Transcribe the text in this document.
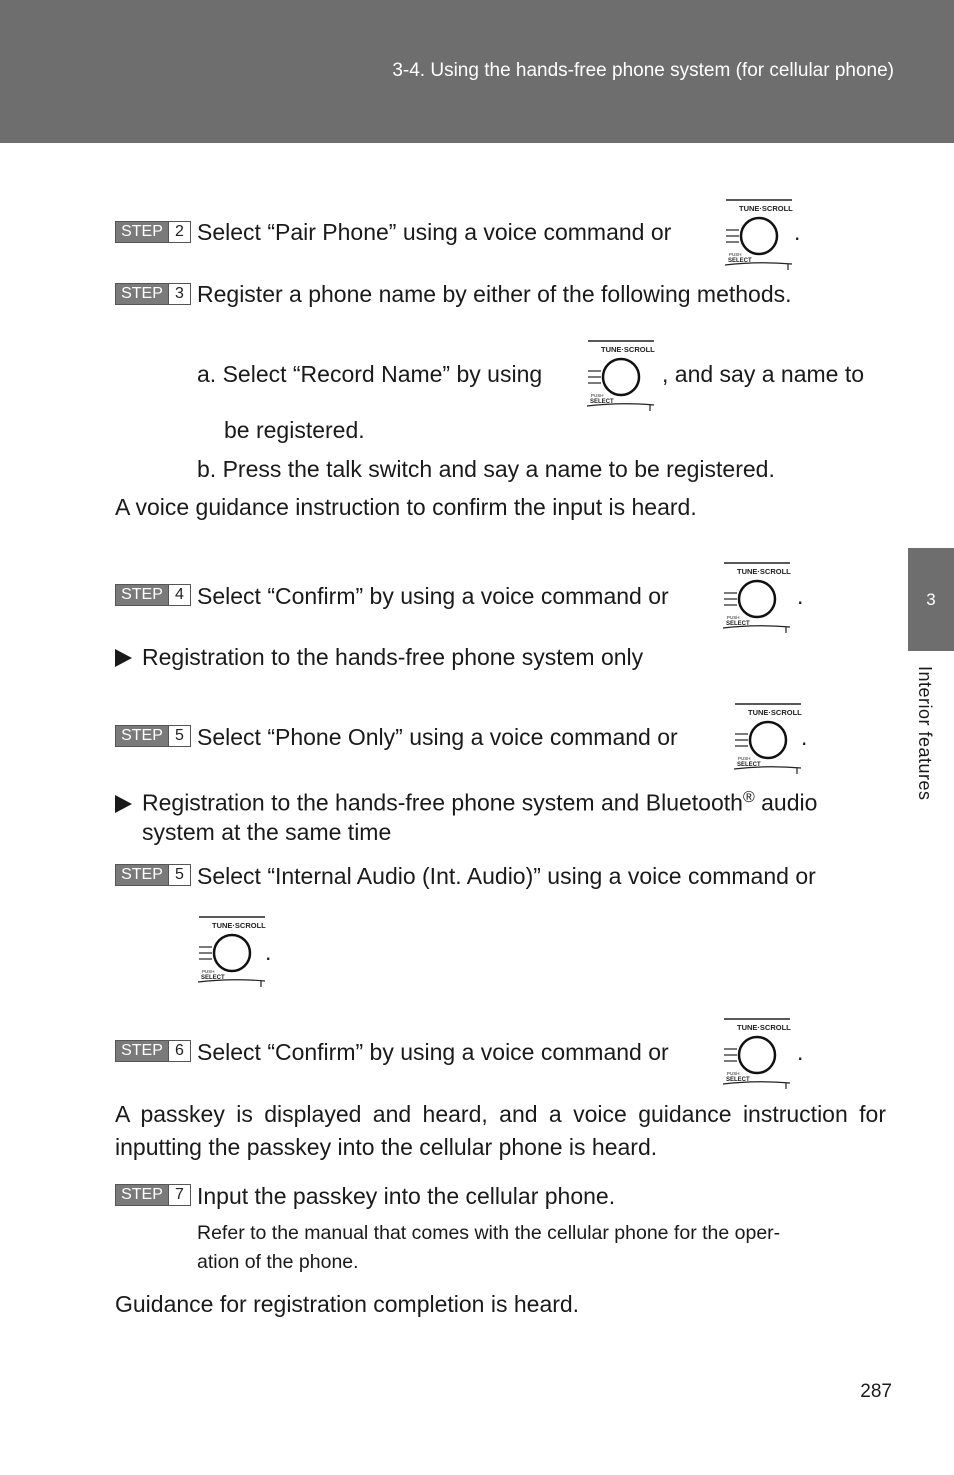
3-4. Using the hands-free phone system (for cellular phone)
3
Interior features
STEP 2 Select “Pair Phone” using a voice command or
TUNE·SCROLL
PUSH
SELECT
.
STEP 3 Register a phone name by either of the following methods.
a. Select “Record Name” by using
TUNE·SCROLL
PUSH
SELECT
, and say a name to
be registered.
b. Press the talk switch and say a name to be registered.
A voice guidance instruction to confirm the input is heard.
STEP 4 Select “Confirm” by using a voice command or
TUNE·SCROLL
PUSH
SELECT
.
Registration to the hands-free phone system only
STEP 5 Select “Phone Only” using a voice command or
TUNE·SCROLL
PUSH
SELECT
.
Registration to the hands-free phone system and Bluetooth® audio
system at the same time
STEP 5 Select “Internal Audio (Int. Audio)” using a voice command or
TUNE·SCROLL
PUSH
SELECT
.
STEP 6 Select “Confirm” by using a voice command or
TUNE·SCROLL
PUSH
SELECT
.
A passkey is displayed and heard, and a voice guidance instruction for inputting the passkey into the cellular phone is heard.
STEP 7 Input the passkey into the cellular phone.
Refer to the manual that comes with the cellular phone for the oper-
ation of the phone.
Guidance for registration completion is heard.
287
